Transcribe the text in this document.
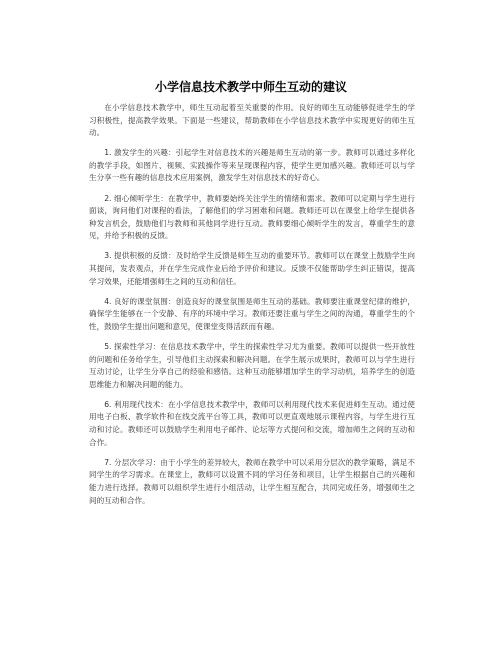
小学信息技术教学中师生互动的建议

在小学信息技术教学中，师生互动起着至关重要的作用。良好的师生互动能够促进学生的学习积极性，提高教学效果。下面是一些建议，帮助教师在小学信息技术教学中实现更好的师生互动。

1. 激发学生的兴趣：引起学生对信息技术的兴趣是师生互动的第一步。教师可以通过多样化的教学手段，如图片、视频、实践操作等来呈现课程内容，使学生更加感兴趣。教师还可以与学生分享一些有趣的信息技术应用案例，激发学生对信息技术的好奇心。

2. 细心倾听学生：在教学中，教师要始终关注学生的情绪和需求。教师可以定期与学生进行面谈，询问他们对课程的看法，了解他们的学习困难和问题。教师还可以在课堂上给学生提供各种发言机会，鼓励他们与教师和其他同学进行互动。教师要细心倾听学生的发言，尊重学生的意见，并给予积极的反馈。

3. 提供积极的反馈：及时给学生反馈是师生互动的重要环节。教师可以在课堂上鼓励学生向其提问，发表观点，并在学生完成作业后给予评价和建议。反馈不仅能帮助学生纠正错误，提高学习效果，还能增强师生之间的互动和信任。

4. 良好的课堂氛围：创造良好的课堂氛围是师生互动的基础。教师要注重课堂纪律的维护，确保学生能够在一个安静、有序的环境中学习。教师还要注重与学生之间的沟通，尊重学生的个性，鼓励学生提出问题和意见，使课堂变得活跃而有趣。

5. 探索性学习：在信息技术教学中，学生的探索性学习尤为重要。教师可以提供一些开放性的问题和任务给学生，引导他们主动探索和解决问题。在学生展示成果时，教师可以与学生进行互动讨论，让学生分享自己的经验和感悟。这种互动能够增加学生的学习动机，培养学生的创造思维能力和解决问题的能力。

6. 利用现代技术：在小学信息技术教学中，教师可以利用现代技术来促进师生互动。通过使用电子白板、教学软件和在线交流平台等工具，教师可以更直观地展示课程内容，与学生进行互动和讨论。教师还可以鼓励学生利用电子邮件、论坛等方式提问和交流，增加师生之间的互动和合作。

7. 分层次学习：由于小学生的差异较大，教师在教学中可以采用分层次的教学策略，满足不同学生的学习需求。在课堂上，教师可以设置不同的学习任务和项目，让学生根据自己的兴趣和能力进行选择。教师可以组织学生进行小组活动，让学生相互配合，共同完成任务，增强师生之间的互动和合作。
